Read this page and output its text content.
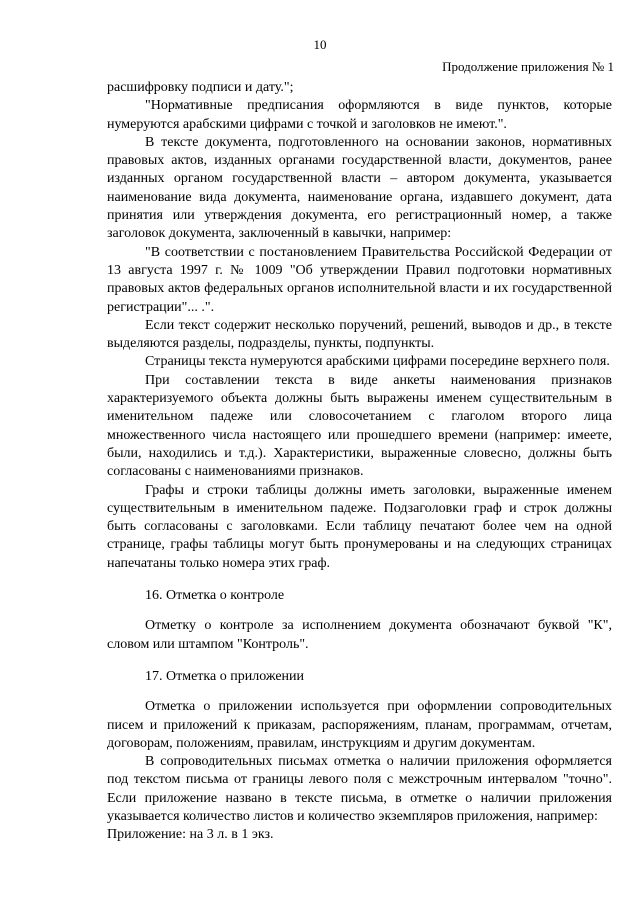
10
Продолжение приложения № 1

расшифровку подписи и дату.";

"Нормативные предписания оформляются в виде пунктов, которые нумеруются арабскими цифрами с точкой и заголовков не имеют.".

В тексте документа, подготовленного на основании законов, нормативных правовых актов, изданных органами государственной власти, документов, ранее изданных органом государственной власти – автором документа, указывается наименование вида документа, наименование органа, издавшего документ, дата принятия или утверждения документа, его регистрационный номер, а также заголовок документа, заключенный в кавычки, например:

"В соответствии с постановлением Правительства Российской Федерации от 13 августа 1997 г. № 1009 "Об утверждении Правил подготовки нормативных правовых актов федеральных органов исполнительной власти и их государственной регистрации"... .".

Если текст содержит несколько поручений, решений, выводов и др., в тексте выделяются разделы, подразделы, пункты, подпункты.

Страницы текста нумеруются арабскими цифрами посередине верхнего поля.

При составлении текста в виде анкеты наименования признаков характеризуемого объекта должны быть выражены именем существительным в именительном падеже или словосочетанием с глаголом второго лица множественного числа настоящего или прошедшего времени (например: имеете, были, находились и т.д.). Характеристики, выраженные словесно, должны быть согласованы с наименованиями признаков.

Графы и строки таблицы должны иметь заголовки, выраженные именем существительным в именительном падеже. Подзаголовки граф и строк должны быть согласованы с заголовками. Если таблицу печатают более чем на одной странице, графы таблицы могут быть пронумерованы и на следующих страницах напечатаны только номера этих граф.

16. Отметка о контроле

Отметку о контроле за исполнением документа обозначают буквой "К", словом или штампом "Контроль".

17. Отметка о приложении

Отметка о приложении используется при оформлении сопроводительных писем и приложений к приказам, распоряжениям, планам, программам, отчетам, договорам, положениям, правилам, инструкциям и другим документам.

В сопроводительных письмах отметка о наличии приложения оформляется под текстом письма от границы левого поля с межстрочным интервалом "точно". Если приложение названо в тексте письма, в отметке о наличии приложения указывается количество листов и количество экземпляров приложения, например:

Приложение: на 3 л. в 1 экз.
